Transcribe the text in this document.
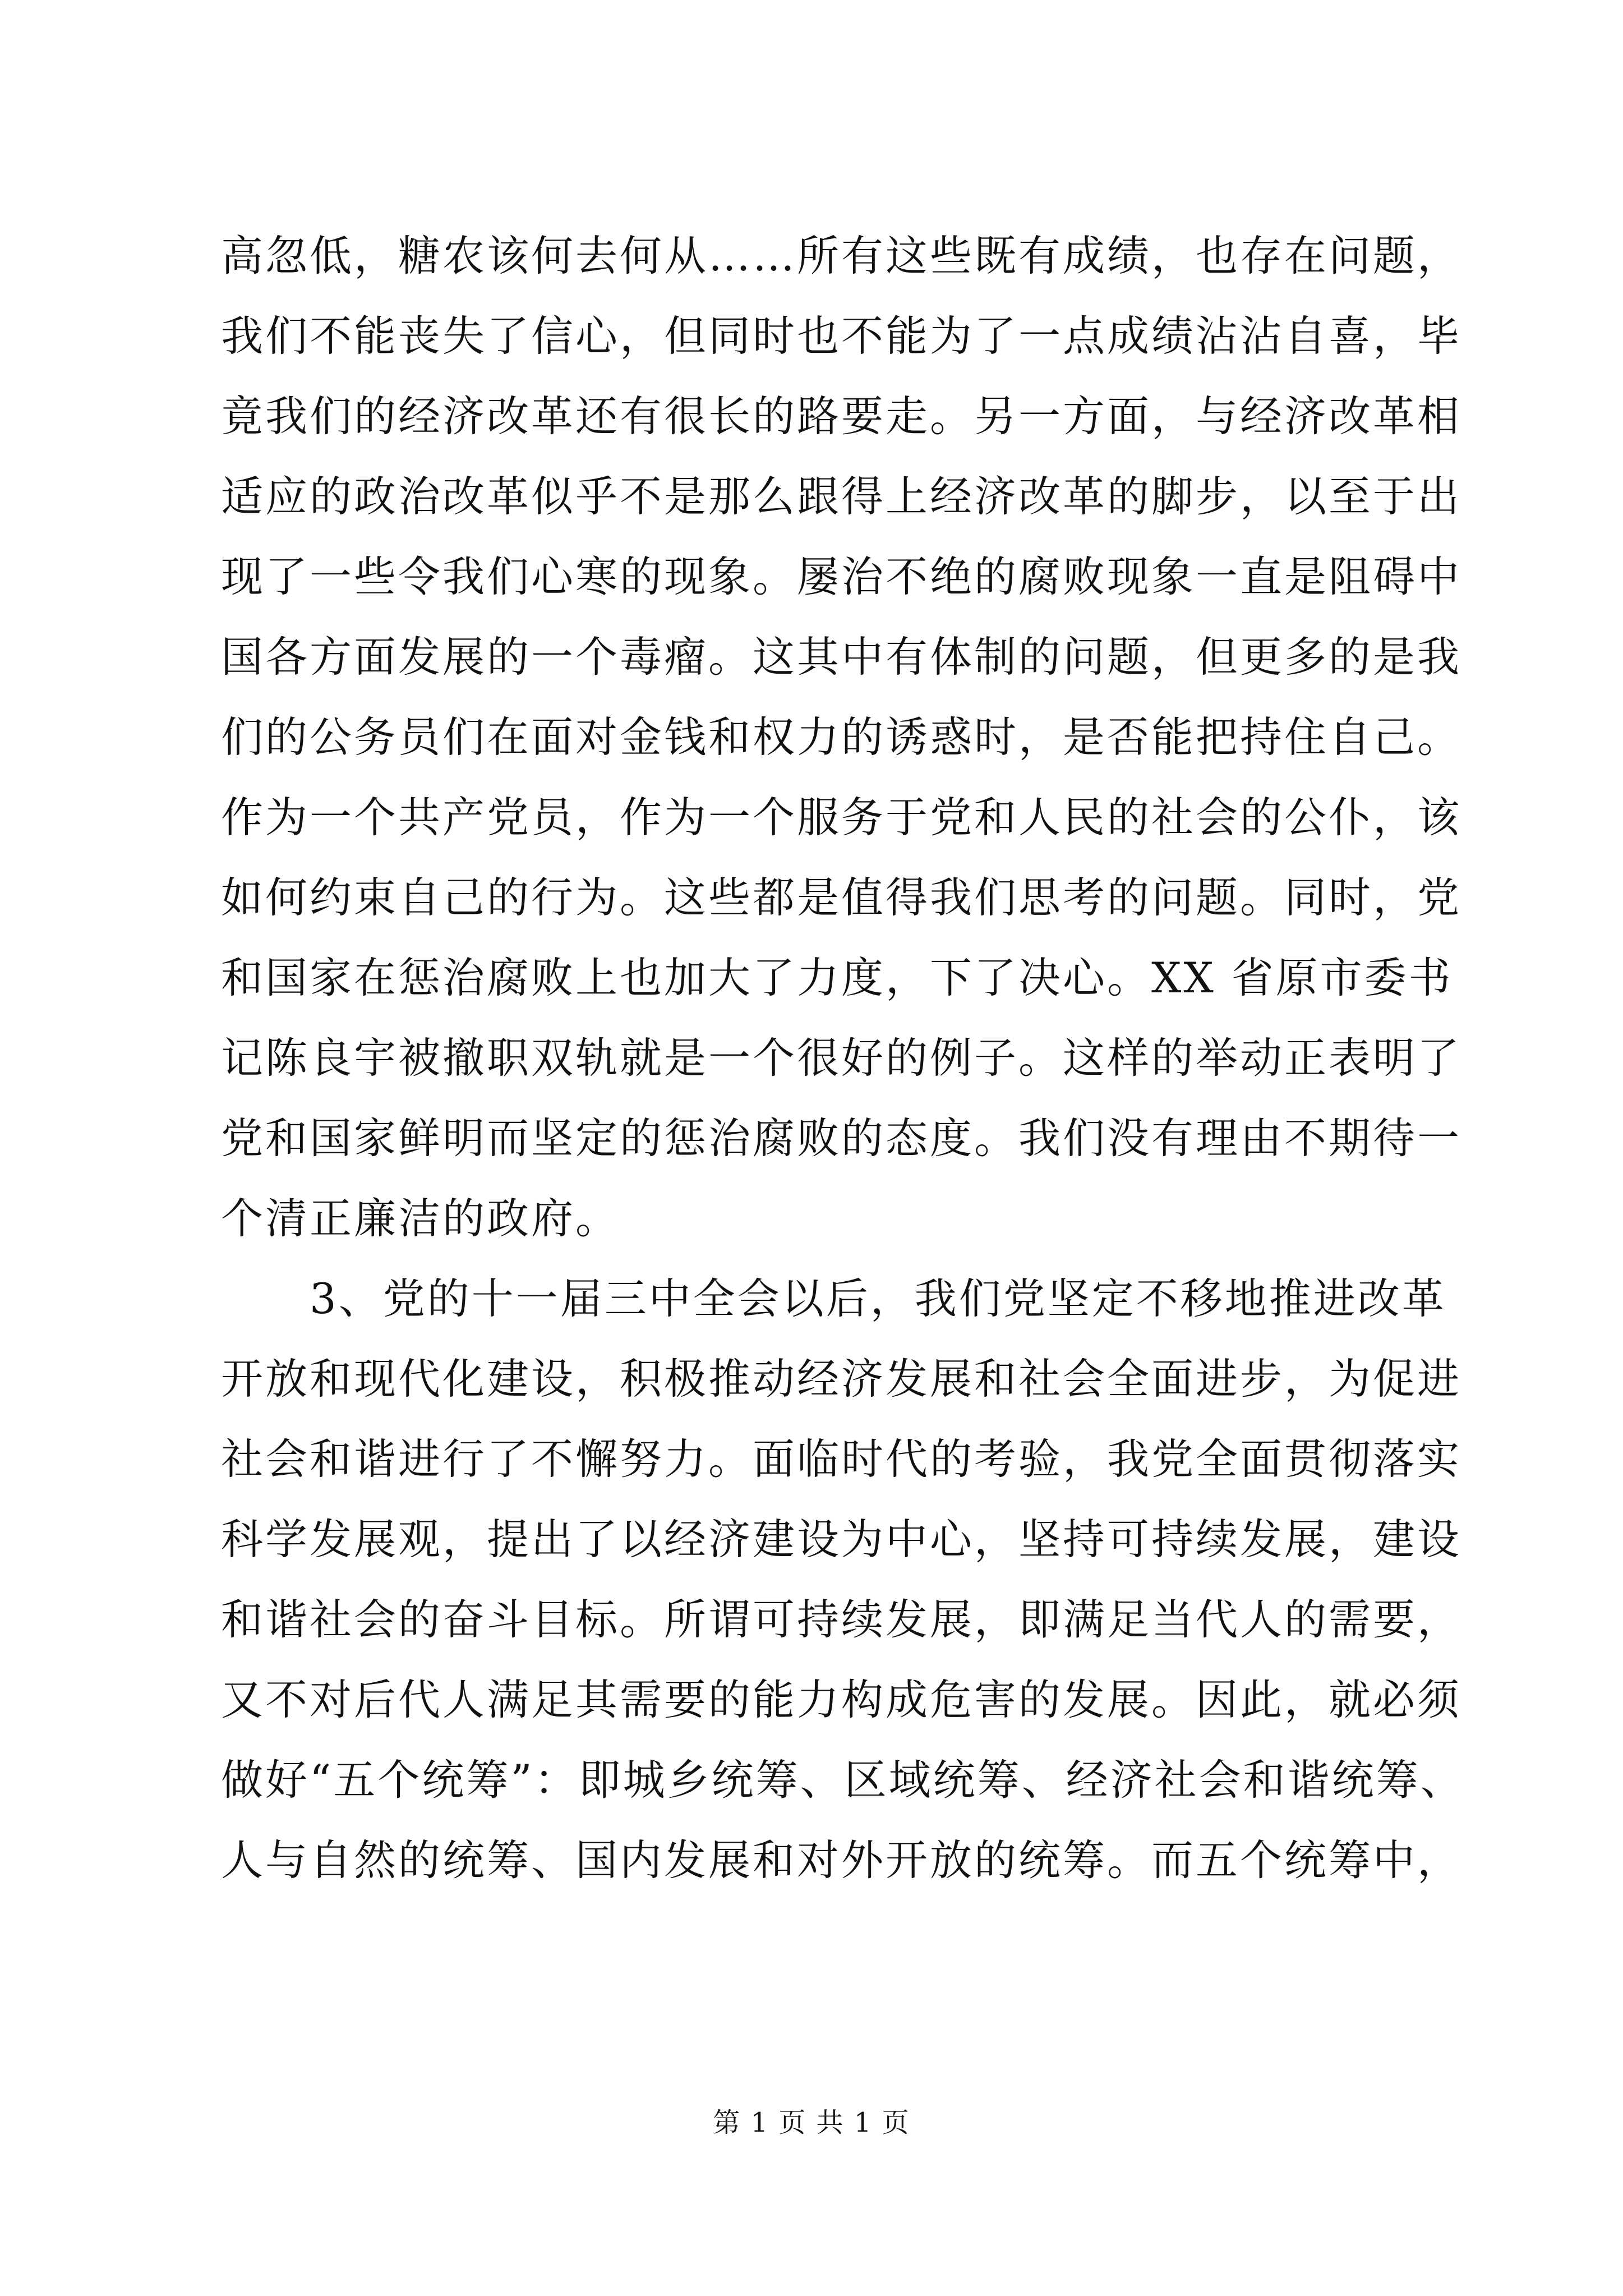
高忽低，糖农该何去何从……所有这些既有成绩，也存在问题，
我们不能丧失了信心，但同时也不能为了一点成绩沾沾自喜，毕
竟我们的经济改革还有很长的路要走。另一方面，与经济改革相
适应的政治改革似乎不是那么跟得上经济改革的脚步，以至于出
现了一些令我们心寒的现象。屡治不绝的腐败现象一直是阻碍中
国各方面发展的一个毒瘤。这其中有体制的问题，但更多的是我
们的公务员们在面对金钱和权力的诱惑时，是否能把持住自己。
作为一个共产党员，作为一个服务于党和人民的社会的公仆，该
如何约束自己的行为。这些都是值得我们思考的问题。同时，党
和国家在惩治腐败上也加大了力度，下了决心。XX 省原市委书
记陈良宇被撤职双轨就是一个很好的例子。这样的举动正表明了
党和国家鲜明而坚定的惩治腐败的态度。我们没有理由不期待一
个清正廉洁的政府。
　　3、党的十一届三中全会以后，我们党坚定不移地推进改革
开放和现代化建设，积极推动经济发展和社会全面进步，为促进
社会和谐进行了不懈努力。面临时代的考验，我党全面贯彻落实
科学发展观，提出了以经济建设为中心，坚持可持续发展，建设
和谐社会的奋斗目标。所谓可持续发展，即满足当代人的需要，
又不对后代人满足其需要的能力构成危害的发展。因此，就必须
做好“五个统筹”：即城乡统筹、区域统筹、经济社会和谐统筹、
人与自然的统筹、国内发展和对外开放的统筹。而五个统筹中，
第 1 页 共 1 页
